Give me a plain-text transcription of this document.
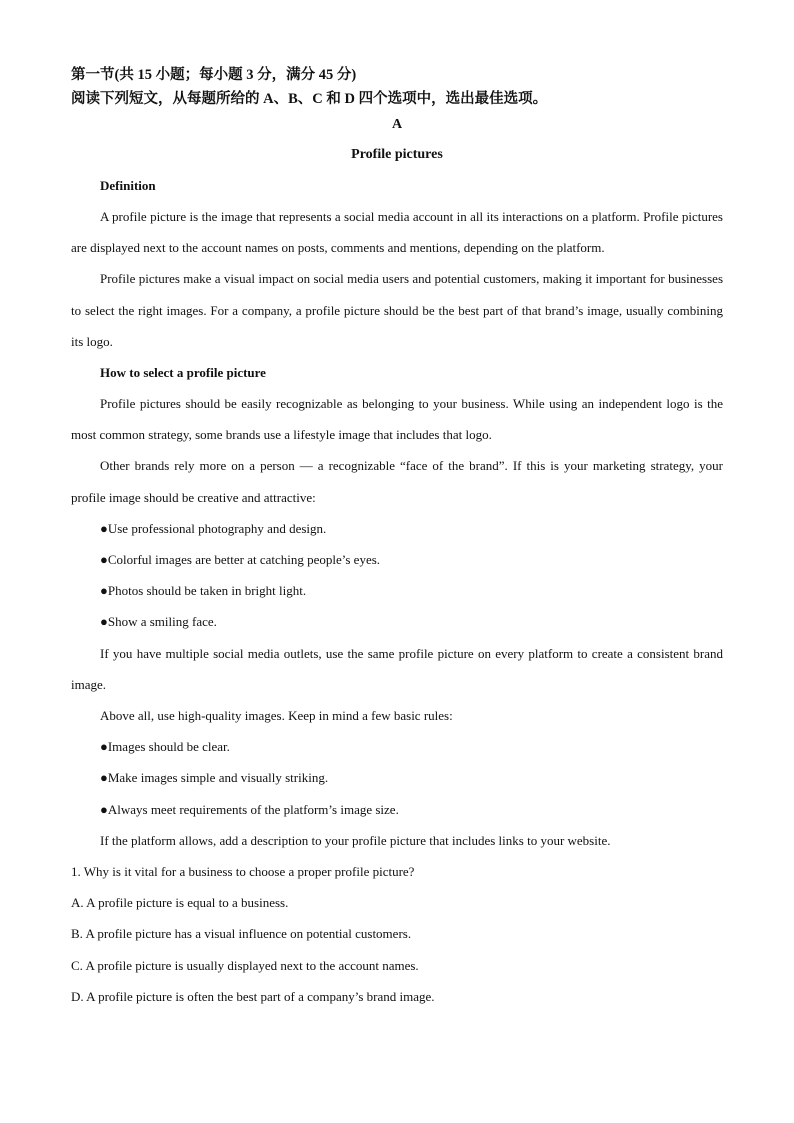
第一节(共 15 小题；每小题 3 分，满分 45 分)

阅读下列短文，从每题所给的 A、B、C 和 D 四个选项中，选出最佳选项。

A

Profile pictures

Definition

A profile picture is the image that represents a social media account in all its interactions on a platform. Profile pictures are displayed next to the account names on posts, comments and mentions, depending on the platform.

Profile pictures make a visual impact on social media users and potential customers, making it important for businesses to select the right images. For a company, a profile picture should be the best part of that brand’s image, usually combining its logo.

How to select a profile picture

Profile pictures should be easily recognizable as belonging to your business. While using an independent logo is the most common strategy, some brands use a lifestyle image that includes that logo.

Other brands rely more on a person — a recognizable “face of the brand”. If this is your marketing strategy, your profile image should be creative and attractive:

●Use professional photography and design.

●Colorful images are better at catching people’s eyes.

●Photos should be taken in bright light.

●Show a smiling face.

If you have multiple social media outlets, use the same profile picture on every platform to create a consistent brand image.

Above all, use high-quality images. Keep in mind a few basic rules:

●Images should be clear.

●Make images simple and visually striking.

●Always meet requirements of the platform’s image size.

If the platform allows, add a description to your profile picture that includes links to your website.

1. Why is it vital for a business to choose a proper profile picture?

A. A profile picture is equal to a business.

B. A profile picture has a visual influence on potential customers.

C. A profile picture is usually displayed next to the account names.

D. A profile picture is often the best part of a company’s brand image.
